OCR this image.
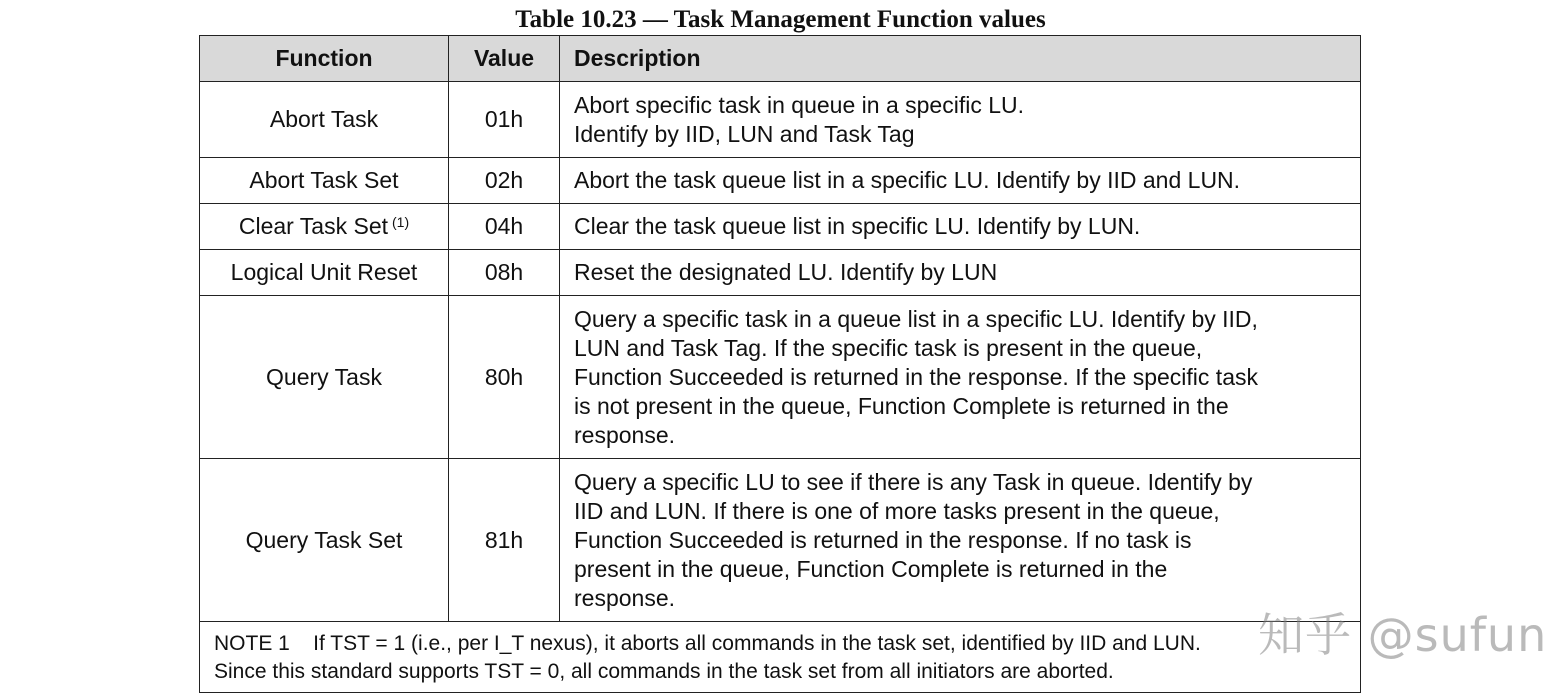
Table 10.23 — Task Management Function values
Function	Value	Description
Abort Task	01h	Abort specific task in queue in a specific LU.
Identify by IID, LUN and Task Tag

Abort Task Set	02h	Abort the task queue list in a specific LU. Identify by IID and LUN.

Clear Task Set $^{(1)}$	04h	Clear the task queue list in specific LU. Identify by LUN.

Logical Unit Reset	08h	Reset the designated LU. Identify by LUN

Query Task	80h	Query a specific task in a queue list in a specific LU. Identify by IID,
LUN and Task Tag. If the specific task is present in the queue,
Function Succeeded is returned in the response. If the specific task
is not present in the queue, Function Complete is returned in the
response.

Query Task Set	81h	Query a specific LU to see if there is any Task in queue. Identify by
IID and LUN. If there is one of more tasks present in the queue,
Function Succeeded is returned in the response. If no task is
present in the queue, Function Complete is returned in the
response.

NOTE 1    If TST = 1 (i.e., per I_T nexus), it aborts all commands in the task set, identified by IID and LUN.
Since this standard supports TST = 0, all commands in the task set from all initiators are aborted.		
知乎 @sufun
